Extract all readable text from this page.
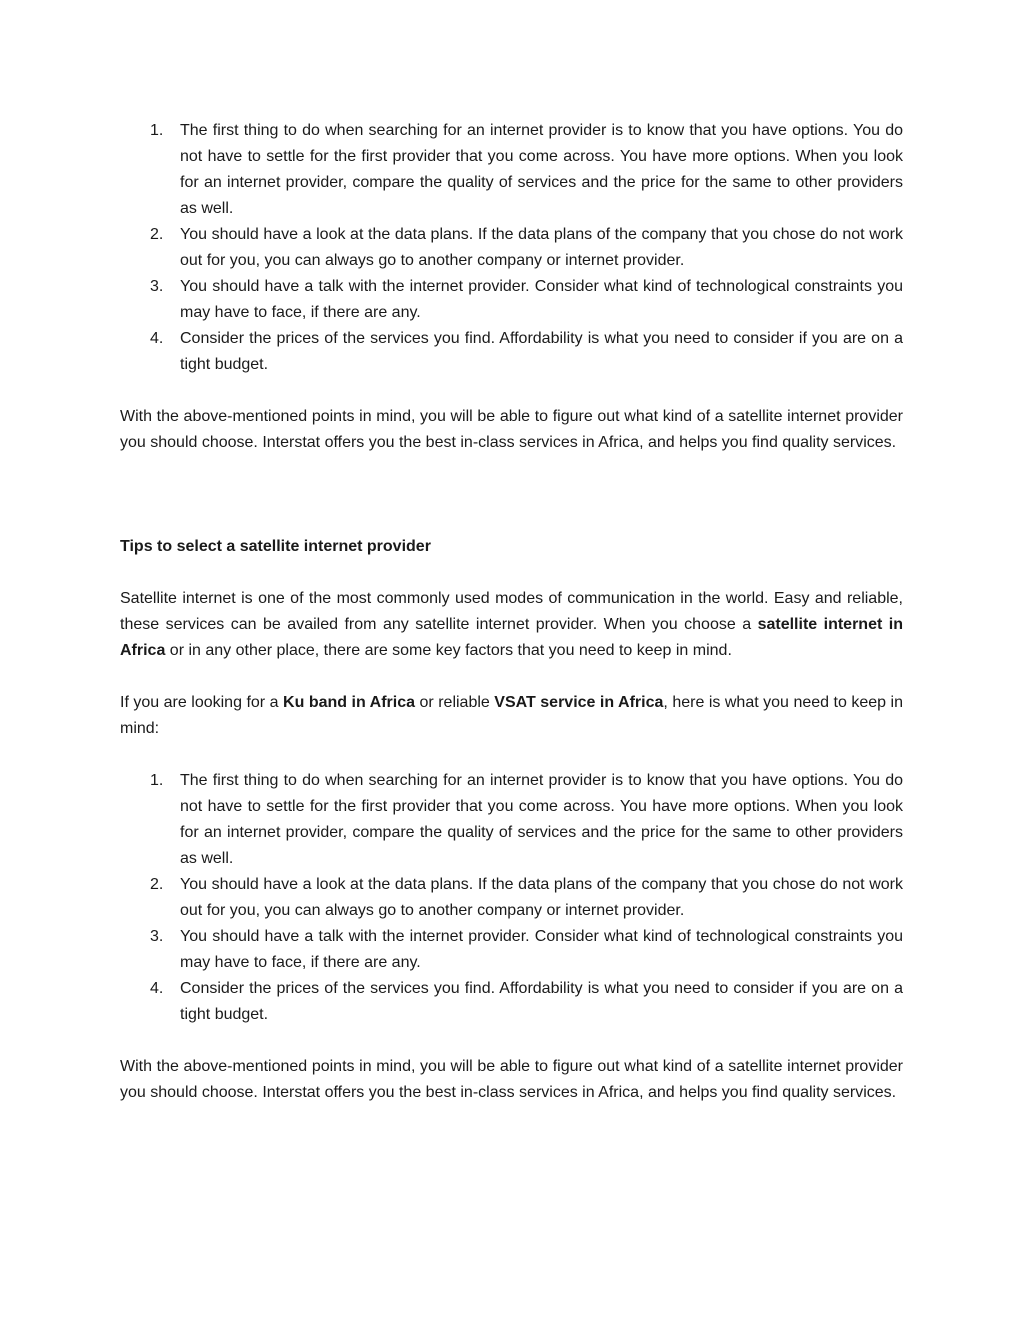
1.	The first thing to do when searching for an internet provider is to know that you have options. You do not have to settle for the first provider that you come across. You have more options. When you look for an internet provider, compare the quality of services and the price for the same to other providers as well.
2.	You should have a look at the data plans. If the data plans of the company that you chose do not work out for you, you can always go to another company or internet provider.
3.	You should have a talk with the internet provider. Consider what kind of technological constraints you may have to face, if there are any.
4.	Consider the prices of the services you find. Affordability is what you need to consider if you are on a tight budget.

With the above-mentioned points in mind, you will be able to figure out what kind of a satellite internet provider you should choose. Interstat offers you the best in-class services in Africa, and helps you find quality services.

Tips to select a satellite internet provider

Satellite internet is one of the most commonly used modes of communication in the world. Easy and reliable, these services can be availed from any satellite internet provider. When you choose a satellite internet in Africa or in any other place, there are some key factors that you need to keep in mind.

If you are looking for a Ku band in Africa or reliable VSAT service in Africa, here is what you need to keep in mind:

1.	The first thing to do when searching for an internet provider is to know that you have options. You do not have to settle for the first provider that you come across. You have more options. When you look for an internet provider, compare the quality of services and the price for the same to other providers as well.
2.	You should have a look at the data plans. If the data plans of the company that you chose do not work out for you, you can always go to another company or internet provider.
3.	You should have a talk with the internet provider. Consider what kind of technological constraints you may have to face, if there are any.
4.	Consider the prices of the services you find. Affordability is what you need to consider if you are on a tight budget.

With the above-mentioned points in mind, you will be able to figure out what kind of a satellite internet provider you should choose. Interstat offers you the best in-class services in Africa, and helps you find quality services.
